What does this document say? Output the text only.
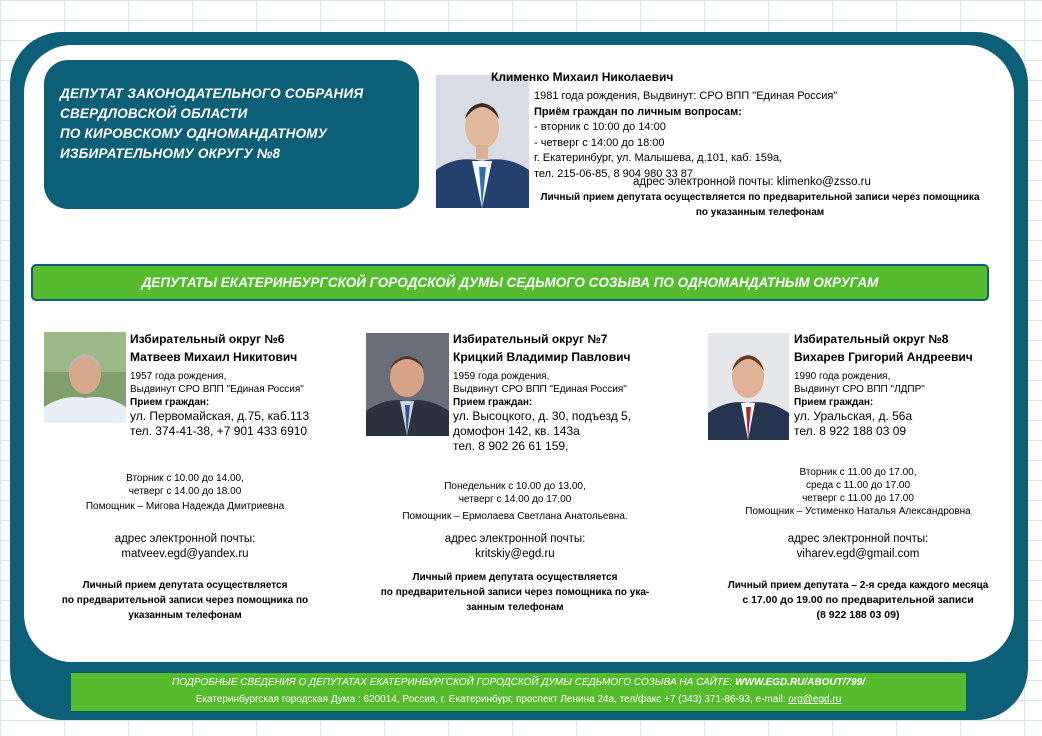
ДЕПУТАТ ЗАКОНОДАТЕЛЬНОГО СОБРАНИЯ
СВЕРДЛОВСКОЙ ОБЛАСТИ
ПО КИРОВСКОМУ ОДНОМАНДАТНОМУ
ИЗБИРАТЕЛЬНОМУ ОКРУГУ №8
Клименко Михаил Николаевич
1981 года рождения, Выдвинут: СРО ВПП "Единая Россия"
Приём граждан по личным вопросам:
- вторник с 10:00 до 14:00
- четверг с 14:00 до 18:00
г. Екатеринбург, ул. Малышева, д.101, каб. 159а,
тел. 215-06-85, 8 904 980 33 87
адрес электронной почты: klimenko@zsso.ru
Личный прием депутата осуществляется по предварительной записи через помощника
по указанным телефонам
ДЕПУТАТЫ ЕКАТЕРИНБУРГСКОЙ ГОРОДСКОЙ ДУМЫ СЕДЬМОГО СОЗЫВА ПО ОДНОМАНДАТНЫМ ОКРУГАМ
Избирательный округ №6
Матвеев Михаил Никитович
1957 года рождения,
Выдвинут СРО ВПП "Единая Россия"
Прием граждан:
ул. Первомайская, д.75, каб.113
тел. 374-41-38, +7 901 433 6910
Вторник с 10.00 до 14.00,
четверг с 14.00 до 18.00
Помощник – Мигова Надежда Дмитриевна
адрес электронной почты:
matveev.egd@yandex.ru
Личный прием депутата осуществляется
по предварительной записи через помощника по
указанным телефонам
Избирательный округ №7
Крицкий Владимир Павлович
1959 года рождения,
Выдвинут СРО ВПП "Единая Россия"
Прием граждан:
ул. Высоцкого, д. 30, подъезд 5,
домофон 142, кв. 143а
тел. 8 902 26 61 159,
Понедельник с 10.00 до 13.00,
четверг с 14.00 до 17.00
Помощник – Ермолаева Светлана Анатольевна.
адрес электронной почты:
kritskiy@egd.ru
Личный прием депутата осуществляется
по предварительной записи через помощника по ука-
занным телефонам
Избирательный округ №8
Вихарев Григорий Андреевич
1990 года рождения,
Выдвинут СРО ВПП "ЛДПР"
Прием граждан:
ул. Уральская, д. 56а
тел. 8 922 188 03 09
Вторник с 11.00 до 17.00,
среда с 11.00 до 17.00
четверг с 11.00 до 17.00
Помощник – Устименко Наталья Александровна
адрес электронной почты:
viharev.egd@gmail.com
Личный прием депутата – 2-я среда каждого месяца
с 17.00 до 19.00 по предварительной записи
(8 922 188 03 09)
ПОДРОБНЫЕ СВЕДЕНИЯ О ДЕПУТАТАХ ЕКАТЕРИНБУРГСКОЙ ГОРОДСКОЙ ДУМЫ СЕДЬМОГО СОЗЫВА НА САЙТЕ: WWW.EGD.RU/ABOUT/799/
Екатеринбургская городская Дума : 620014, Россия, г. Екатеринбург, проспект Ленина 24а, тел/факс +7 (343) 371-86-93, e-mail: org@egd.ru
